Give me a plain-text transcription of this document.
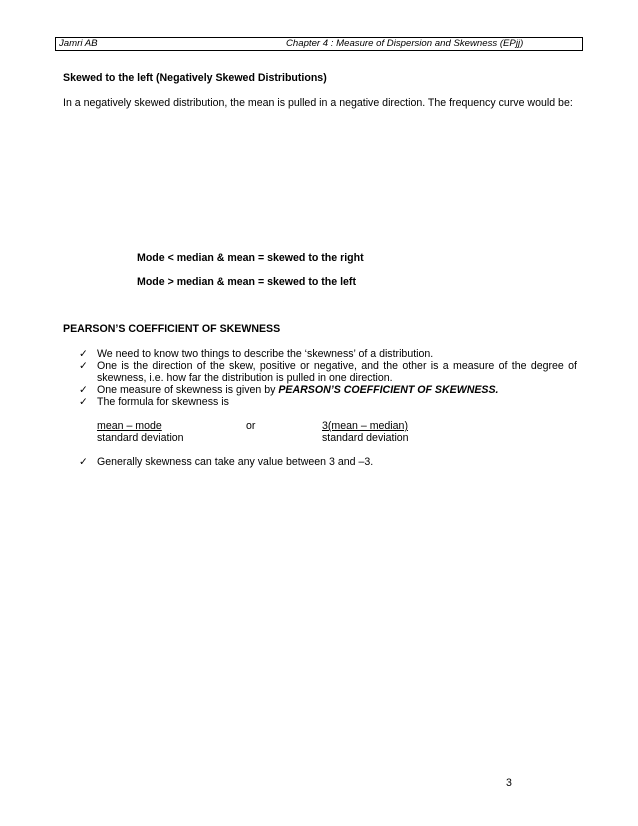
Jamri AB	Chapter 4 : Measure of Dispersion and Skewness (EPjj)
Skewed to the left (Negatively Skewed Distributions)
In a negatively skewed distribution, the mean is pulled in a negative direction. The frequency curve would be:
Mode < median & mean = skewed to the right
Mode > median & mean = skewed to the left
PEARSON’S COEFFICIENT OF SKEWNESS
✓ We need to know two things to describe the ‘skewness’ of a distribution.
✓ One is the direction of the skew, positive or negative, and the other is a measure of the degree of
skewness, i.e. how far the distribution is pulled in one direction.
✓ One measure of skewness is given by PEARSON’S COEFFICIENT OF SKEWNESS.
✓ The formula for skewness is
mean – mode
standard deviation
or	3(mean – median)
standard deviation
✓ Generally skewness can take any value between 3 and –3.
3
